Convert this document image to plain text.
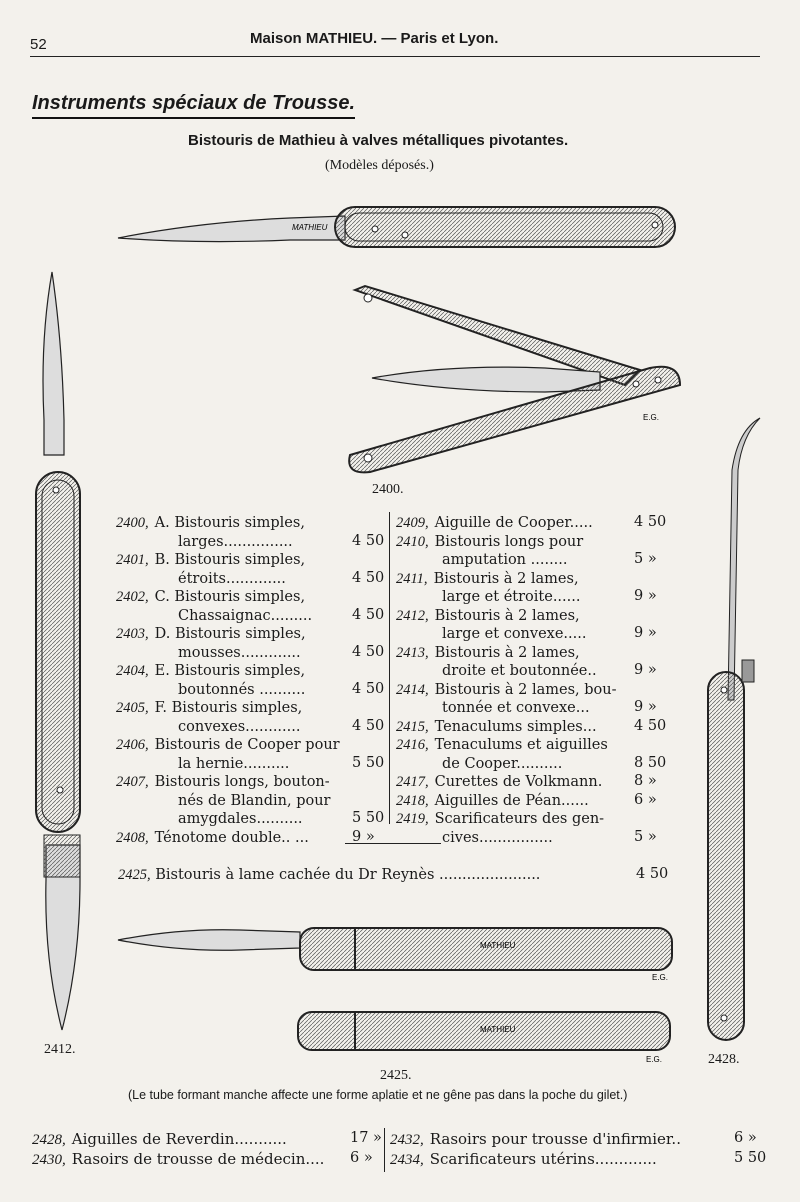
52	Maison MATHIEU. — Paris et Lyon.
Instruments spéciaux de Trousse.
Bistouris de Mathieu à valves métalliques pivotantes.
(Modèles déposés.)
MATHIEU
E.G.
MATHIEU
E.G.
MATHIEU
E.G.
2400.
2412.
2425.
2428.
2400, A. Bistouris simples,
larges...............	4 50
2401, B. Bistouris simples,
étroits.............	4 50
2402, C. Bistouris simples,
Chassaignac.........	4 50
2403, D. Bistouris simples,
mousses.............	4 50
2404, E. Bistouris simples,
boutonnés ..........	4 50
2405, F. Bistouris simples,
convexes............	4 50
2406, Bistouris de Cooper pour
la hernie..........	5 50
2407, Bistouris longs, bouton-
nés de Blandin, pour
amygdales..........	5 50
2408, Ténotome double.. ...	9 »
2409, Aiguille de Cooper.....	4 50
2410, Bistouris longs pour
amputation ........	5 »
2411, Bistouris à 2 lames,
large et étroite......	9 »
2412, Bistouris à 2 lames,
large et convexe.....	9 »
2413, Bistouris à 2 lames,
droite et boutonnée..	9 »
2414, Bistouris à 2 lames, bou-
tonnée et convexe...	9 »
2415, Tenaculums simples...	4 50
2416, Tenaculums et aiguilles
de Cooper..........	8 50
2417, Curettes de Volkmann. 8 »
2418, Aiguilles de Péan......	6 »
2419, Scarificateurs des gen-
cives................	5 »
2425, Bistouris à lame cachée du Dr Reynès ......................	4 50
(Le tube formant manche affecte une forme aplatie et ne gêne pas dans la poche du gilet.)
2428, Aiguilles de Reverdin...........	17 »
2430, Rasoirs de trousse de médecin.... 6 »
2432, Rasoirs pour trousse d'infirmier..	6 »
2434, Scarificateurs utérins.............	5 50
